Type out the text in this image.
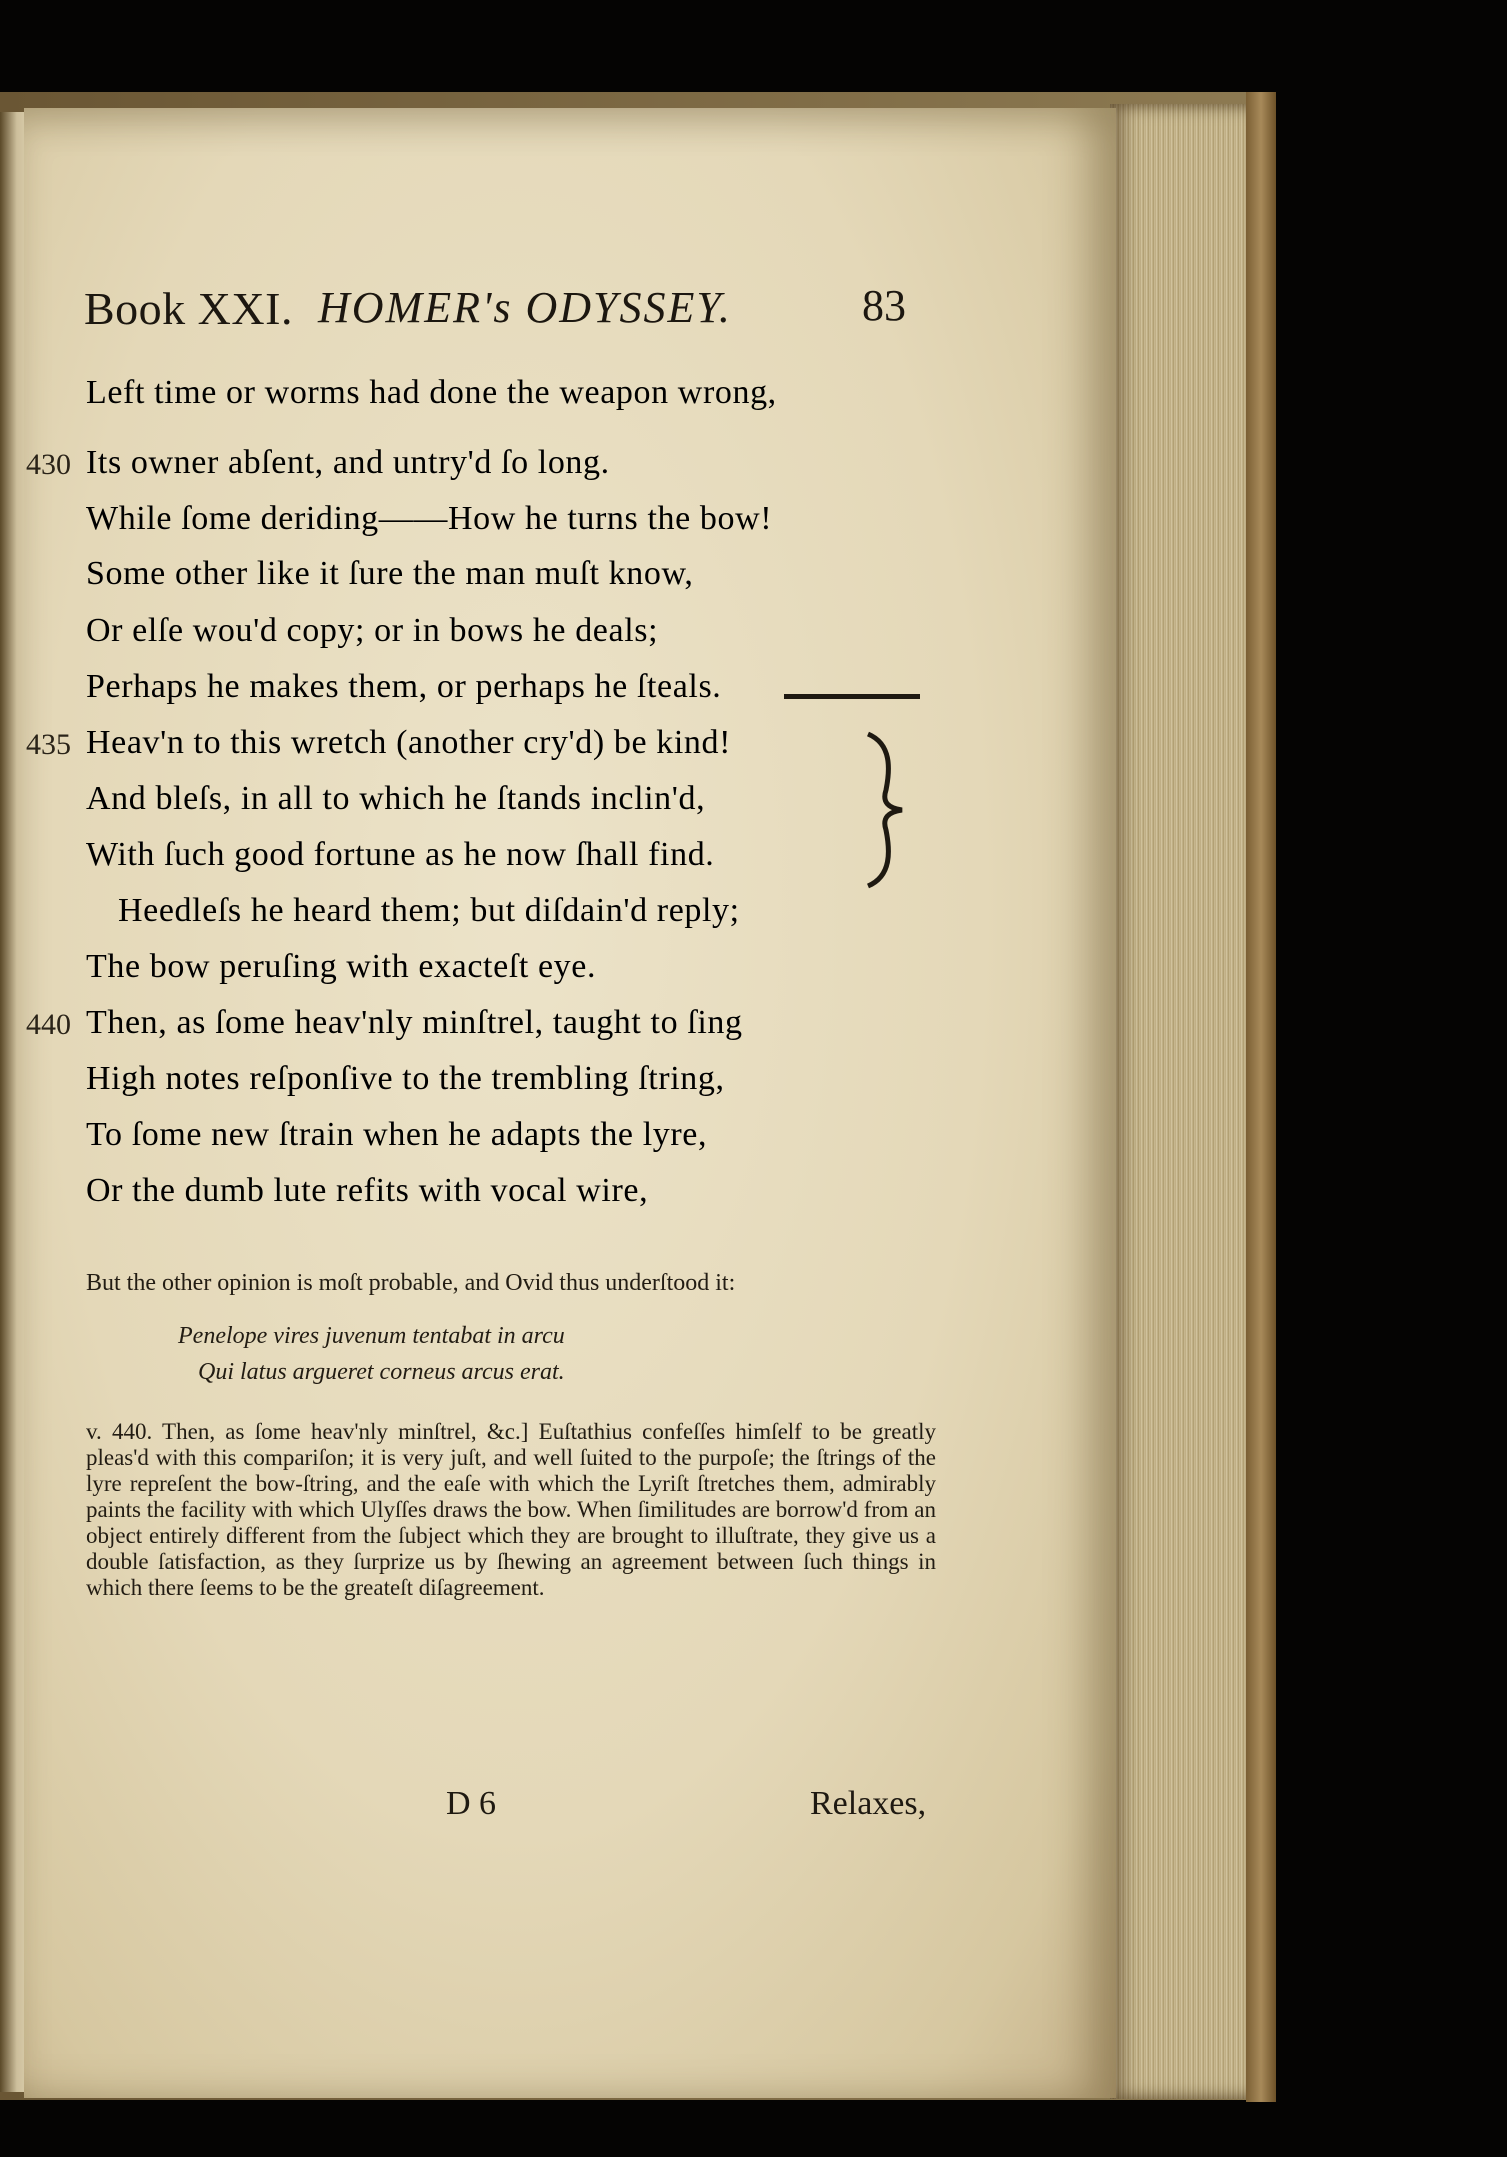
Book XXI. HOMER's ODYSSEY.	83
Left time or worms had done the weapon wrong,
430 Its owner abſent, and untry'd ſo long.
While ſome deriding——How he turns the bow!
Some other like it ſure the man muſt know,
Or elſe wou'd copy; or in bows he deals;
Perhaps he makes them, or perhaps he ſteals.
435 Heav'n to this wretch (another cry'd) be kind!
And bleſs, in all to which he ſtands inclin'd,
With ſuch good fortune as he now ſhall find.
Heedleſs he heard them; but diſdain'd reply;
The bow peruſing with exacteſt eye.
440 Then, as ſome heav'nly minſtrel, taught to ſing
High notes reſponſive to the trembling ſtring,
To ſome new ſtrain when he adapts the lyre,
Or the dumb lute refits with vocal wire,

But the other opinion is moſt probable, and Ovid thus underſtood it:

Penelope vires juvenum tentabat in arcu
Qui latus argueret corneus arcus erat.

v. 440. Then, as ſome heav'nly minſtrel, &c.] Euſtathius confeſſes himſelf to be greatly pleas'd with this compariſon; it is very juſt, and well ſuited to the purpoſe; the ſtrings of the lyre repreſent the bow-ſtring, and the eaſe with which the Lyriſt ſtretches them, admirably paints the facility with which Ulyſſes draws the bow. When ſimilitudes are borrow'd from an object entirely different from the ſubject which they are brought to illuſtrate, they give us a double ſatisfaction, as they ſurprize us by ſhewing an agreement between ſuch things in which there ſeems to be the greateſt diſagreement.

D 6	Relaxes,
